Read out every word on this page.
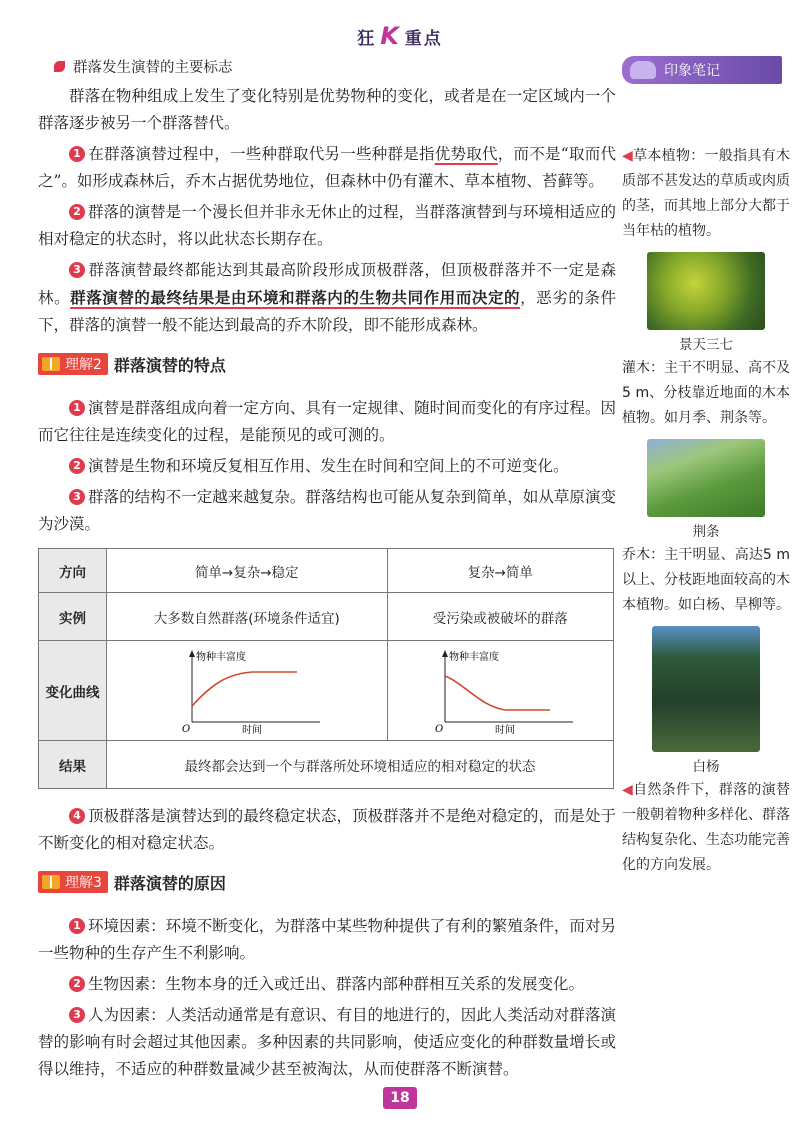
狂 K 重点
群落发生演替的主要标志

群落在物种组成上发生了变化特别是优势物种的变化，或者是在一定区域内一个群落逐步被另一个群落替代。

1 在群落演替过程中，一些种群取代另一些种群是指优势取代，而不是“取而代之”。如形成森林后，乔木占据优势地位，但森林中仍有灌木、草本植物、苔藓等。

2 群落的演替是一个漫长但并非永无休止的过程，当群落演替到与环境相适应的相对稳定的状态时，将以此状态长期存在。

3 群落演替最终都能达到其最高阶段形成顶极群落，但顶极群落并不一定是森林。群落演替的最终结果是由环境和群落内的生物共同作用而决定的，恶劣的条件下，群落的演替一般不能达到最高的乔木阶段，即不能形成森林。

理解2 群落演替的特点

1 演替是群落组成向着一定方向、具有一定规律、随时间而变化的有序过程。因而它往往是连续变化的过程，是能预见的或可测的。

2 演替是生物和环境反复相互作用、发生在时间和空间上的不可逆变化。

3 群落的结构不一定越来越复杂。群落结构也可能从复杂到简单，如从草原演变为沙漠。

方向	简单→复杂→稳定	复杂→简单
实例	大多数自然群落(环境条件适宜)	受污染或被破坏的群落
变化曲线	物种丰富度
时间
O	物种丰富度
时间
O

结果	最终都会达到一个与群落所处环境相适应的相对稳定的状态	

4 顶极群落是演替达到的最终稳定状态，顶极群落并不是绝对稳定的，而是处于不断变化的相对稳定状态。

理解3 群落演替的原因

1 环境因素：环境不断变化，为群落中某些物种提供了有利的繁殖条件，而对另一些物种的生存产生不利影响。

2 生物因素：生物本身的迁入或迁出、群落内部种群相互关系的发展变化。

3 人为因素：人类活动通常是有意识、有目的地进行的，因此人类活动对群落演替的影响有时会超过其他因素。多种因素的共同影响，使适应变化的种群数量增长或得以维持，不适应的种群数量减少甚至被淘汰，从而使群落不断演替。

印象笔记
◀草本植物：一般指具有木质部不甚发达的草质或肉质的茎，而其地上部分大都于当年枯的植物。
景天三七
灌木：主干不明显、高不及5 m、分枝靠近地面的木本植物。如月季、荆条等。
荆条
乔木：主干明显、高达5 m以上、分枝距地面较高的木本植物。如白杨、旱柳等。
白杨
◀自然条件下，群落的演替一般朝着物种多样化、群落结构复杂化、生态功能完善化的方向发展。
18
